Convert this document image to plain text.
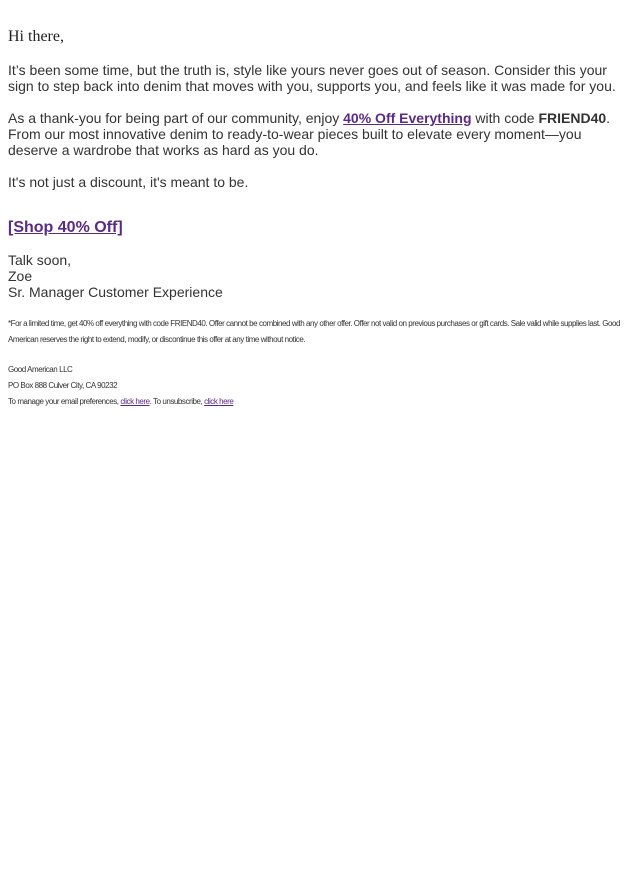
Hi there,

It’s been some time, but the truth is, style like yours never goes out of season. Consider this your sign to step back into denim that moves with you, supports you, and feels like it was made for you.

As a thank-you for being part of our community, enjoy 40% Off Everything with code FRIEND40. From our most innovative denim to ready-to-wear pieces built to elevate every moment—you deserve a wardrobe that works as hard as you do.

It's not just a discount, it's meant to be.

[Shop 40% Off]

Talk soon,
Zoe
Sr. Manager Customer Experience
*For a limited time, get 40% off everything with code FRIEND40. Offer cannot be combined with any other offer. Offer not valid on previous purchases or gift cards. Sale valid while supplies last. Good American reserves the right to extend, modify, or discontinue this offer at any time without notice.
Good American LLC
PO Box 888 Culver City, CA 90232
To manage your email preferences, click here. To unsubscribe, click here
